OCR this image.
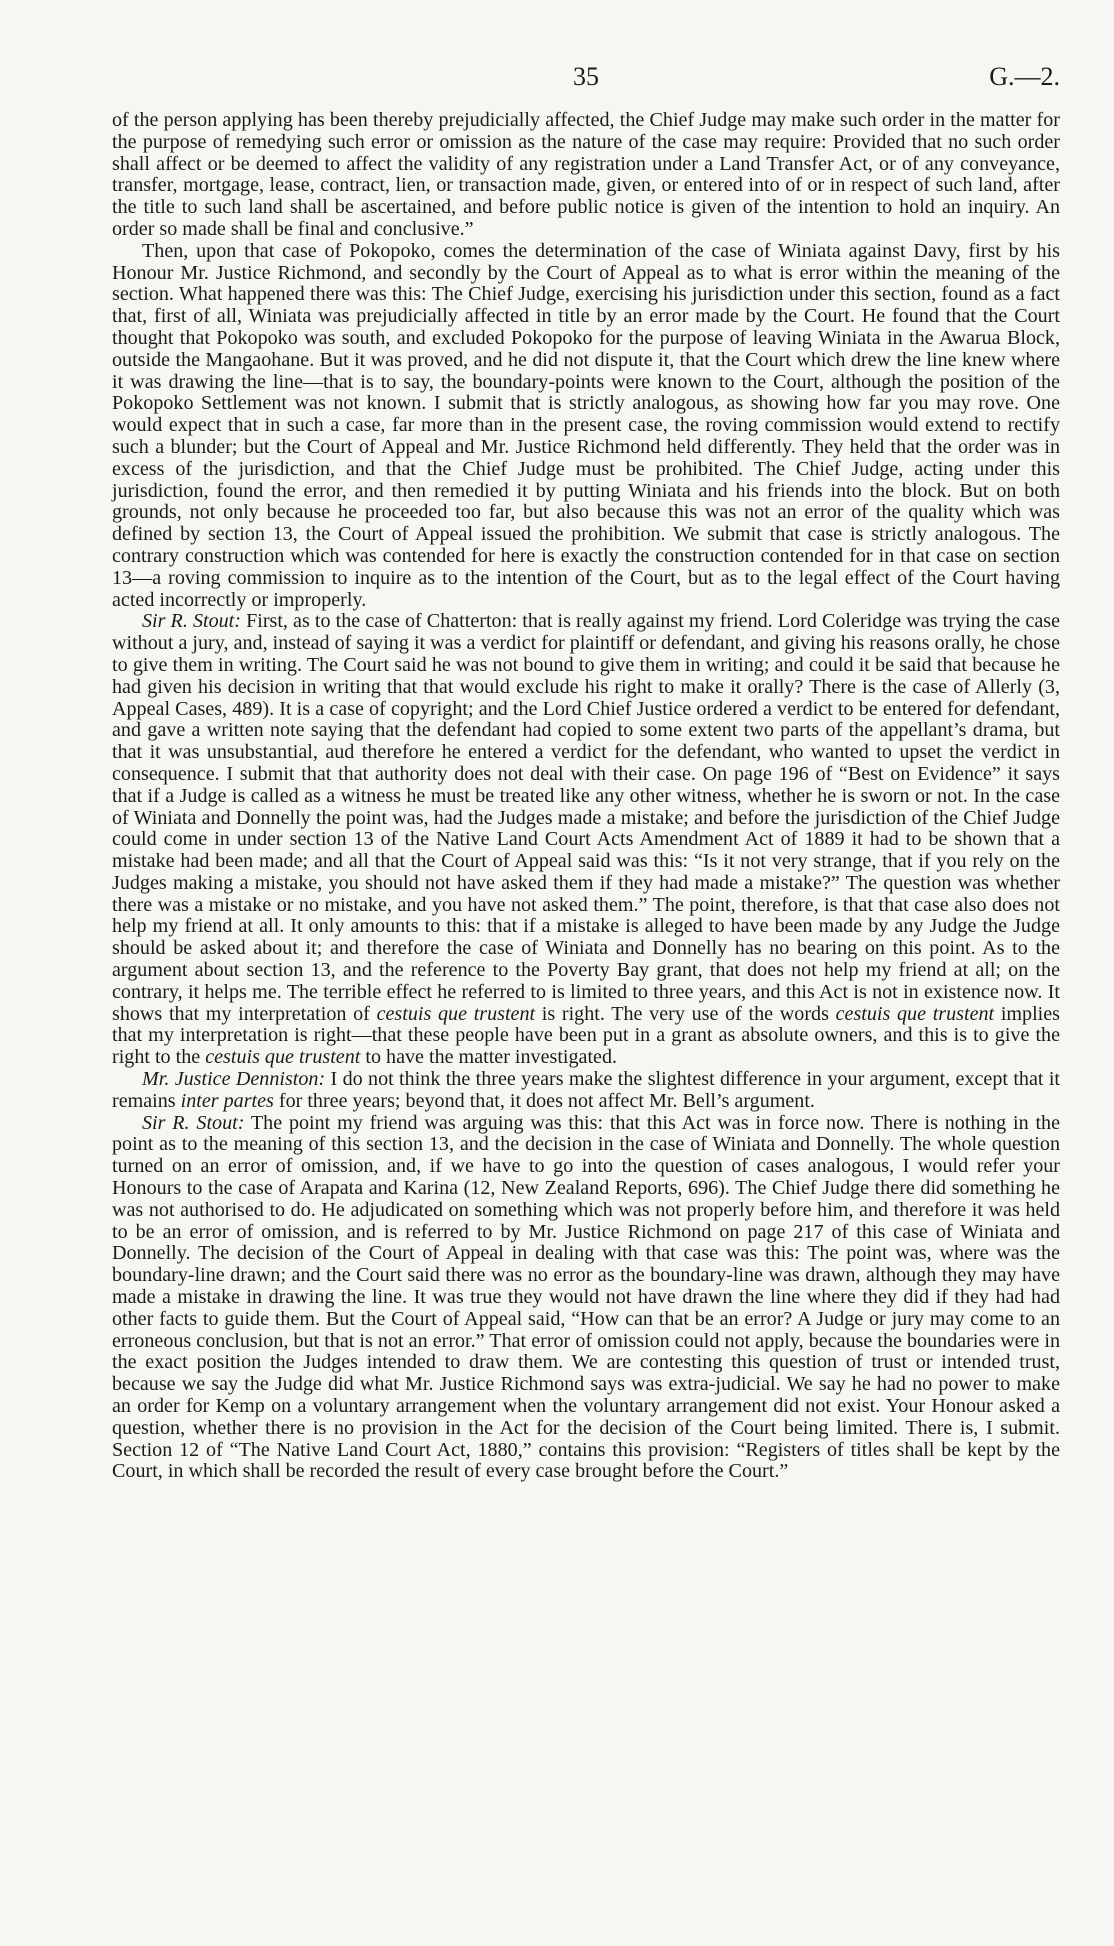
35	G.—2.

of the person applying has been thereby prejudicially affected, the Chief Judge may make such order in the matter for the purpose of remedying such error or omission as the nature of the case may require: Provided that no such order shall affect or be deemed to affect the validity of any registration under a Land Transfer Act, or of any conveyance, transfer, mortgage, lease, contract, lien, or transaction made, given, or entered into of or in respect of such land, after the title to such land shall be ascertained, and before public notice is given of the intention to hold an inquiry. An order so made shall be final and conclusive.”

Then, upon that case of Pokopoko, comes the determination of the case of Winiata against Davy, first by his Honour Mr. Justice Richmond, and secondly by the Court of Appeal as to what is error within the meaning of the section. What happened there was this: The Chief Judge, exercising his jurisdiction under this section, found as a fact that, first of all, Winiata was prejudicially affected in title by an error made by the Court. He found that the Court thought that Pokopoko was south, and excluded Pokopoko for the purpose of leaving Winiata in the Awarua Block, outside the Mangaohane. But it was proved, and he did not dispute it, that the Court which drew the line knew where it was drawing the line—that is to say, the boundary-points were known to the Court, although the position of the Pokopoko Settlement was not known. I submit that is strictly analogous, as showing how far you may rove. One would expect that in such a case, far more than in the present case, the roving commission would extend to rectify such a blunder; but the Court of Appeal and Mr. Justice Richmond held differently. They held that the order was in excess of the jurisdiction, and that the Chief Judge must be prohibited. The Chief Judge, acting under this jurisdiction, found the error, and then remedied it by putting Winiata and his friends into the block. But on both grounds, not only because he proceeded too far, but also because this was not an error of the quality which was defined by section 13, the Court of Appeal issued the prohibition. We submit that case is strictly analogous. The contrary construction which was contended for here is exactly the construction contended for in that case on section 13—a roving commission to inquire as to the intention of the Court, but as to the legal effect of the Court having acted incorrectly or improperly.

Sir R. Stout: First, as to the case of Chatterton: that is really against my friend. Lord Coleridge was trying the case without a jury, and, instead of saying it was a verdict for plaintiff or defendant, and giving his reasons orally, he chose to give them in writing. The Court said he was not bound to give them in writing; and could it be said that because he had given his decision in writing that that would exclude his right to make it orally? There is the case of Allerly (3, Appeal Cases, 489). It is a case of copyright; and the Lord Chief Justice ordered a verdict to be entered for defendant, and gave a written note saying that the defendant had copied to some extent two parts of the appellant’s drama, but that it was unsubstantial, aud therefore he entered a verdict for the defendant, who wanted to upset the verdict in consequence. I submit that that authority does not deal with their case. On page 196 of “Best on Evidence” it says that if a Judge is called as a witness he must be treated like any other witness, whether he is sworn or not. In the case of Winiata and Donnelly the point was, had the Judges made a mistake; and before the jurisdiction of the Chief Judge could come in under section 13 of the Native Land Court Acts Amendment Act of 1889 it had to be shown that a mistake had been made; and all that the Court of Appeal said was this: “Is it not very strange, that if you rely on the Judges making a mistake, you should not have asked them if they had made a mistake?” The question was whether there was a mistake or no mistake, and you have not asked them.” The point, therefore, is that that case also does not help my friend at all. It only amounts to this: that if a mistake is alleged to have been made by any Judge the Judge should be asked about it; and therefore the case of Winiata and Donnelly has no bearing on this point. As to the argument about section 13, and the reference to the Poverty Bay grant, that does not help my friend at all; on the contrary, it helps me. The terrible effect he referred to is limited to three years, and this Act is not in existence now. It shows that my interpretation of cestuis que trustent is right. The very use of the words cestuis que trustent implies that my interpretation is right—that these people have been put in a grant as absolute owners, and this is to give the right to the cestuis que trustent to have the matter investigated.

Mr. Justice Denniston: I do not think the three years make the slightest difference in your argument, except that it remains inter partes for three years; beyond that, it does not affect Mr. Bell’s argument.

Sir R. Stout: The point my friend was arguing was this: that this Act was in force now. There is nothing in the point as to the meaning of this section 13, and the decision in the case of Winiata and Donnelly. The whole question turned on an error of omission, and, if we have to go into the question of cases analogous, I would refer your Honours to the case of Arapata and Karina (12, New Zealand Reports, 696). The Chief Judge there did something he was not authorised to do. He adjudicated on something which was not properly before him, and therefore it was held to be an error of omission, and is referred to by Mr. Justice Richmond on page 217 of this case of Winiata and Donnelly. The decision of the Court of Appeal in dealing with that case was this: The point was, where was the boundary-line drawn; and the Court said there was no error as the boundary-line was drawn, although they may have made a mistake in drawing the line. It was true they would not have drawn the line where they did if they had had other facts to guide them. But the Court of Appeal said, “How can that be an error? A Judge or jury may come to an erroneous conclusion, but that is not an error.” That error of omission could not apply, because the boundaries were in the exact position the Judges intended to draw them. We are contesting this question of trust or intended trust, because we say the Judge did what Mr. Justice Richmond says was extra-judicial. We say he had no power to make an order for Kemp on a voluntary arrangement when the voluntary arrangement did not exist. Your Honour asked a question, whether there is no provision in the Act for the decision of the Court being limited. There is, I submit. Section 12 of “The Native Land Court Act, 1880,” contains this provision: “Registers of titles shall be kept by the Court, in which shall be recorded the result of every case brought before the Court.”
